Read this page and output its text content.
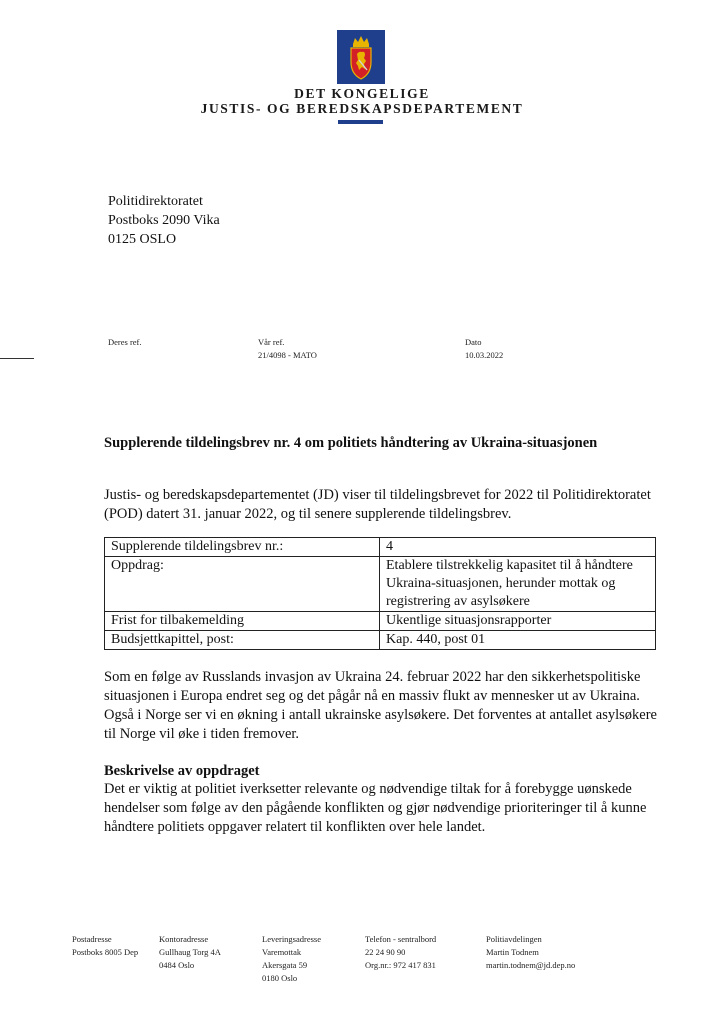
DET KONGELIGE
JUSTIS- OG BEREDSKAPSDEPARTEMENT
Politidirektoratet
Postboks 2090 Vika
0125 OSLO
Deres ref.	Vår ref.
21/4098 - MATO
Dato
10.03.2022
Supplerende tildelingsbrev nr. 4 om politiets håndtering av Ukraina-situasjonen
Justis- og beredskapsdepartementet (JD) viser til tildelingsbrevet for 2022 til Politidirektoratet (POD) datert 31. januar 2022, og til senere supplerende tildelingsbrev.
Supplerende tildelingsbrev nr.:	4
Oppdrag:	Etablere tilstrekkelig kapasitet til å håndtere Ukraina-situasjonen, herunder mottak og registrering av asylsøkere
Frist for tilbakemelding	Ukentlige situasjonsrapporter
Budsjettkapittel, post:	Kap. 440, post 01
Som en følge av Russlands invasjon av Ukraina 24. februar 2022 har den sikkerhetspolitiske situasjonen i Europa endret seg og det pågår nå en massiv flukt av mennesker ut av Ukraina. Også i Norge ser vi en økning i antall ukrainske asylsøkere. Det forventes at antallet asylsøkere til Norge vil øke i tiden fremover.
Beskrivelse av oppdraget
Det er viktig at politiet iverksetter relevante og nødvendige tiltak for å forebygge uønskede hendelser som følge av den pågående konflikten og gjør nødvendige prioriteringer til å kunne håndtere politiets oppgaver relatert til konflikten over hele landet.
Postadresse
Postboks 8005 Dep
Kontoradresse
Gullhaug Torg 4A
0484 Oslo
Leveringsadresse
Varemottak
Akersgata 59
0180 Oslo
Telefon - sentralbord
22 24 90 90
Org.nr.: 972 417 831
Politiavdelingen
Martin Todnem
martin.todnem@jd.dep.no
